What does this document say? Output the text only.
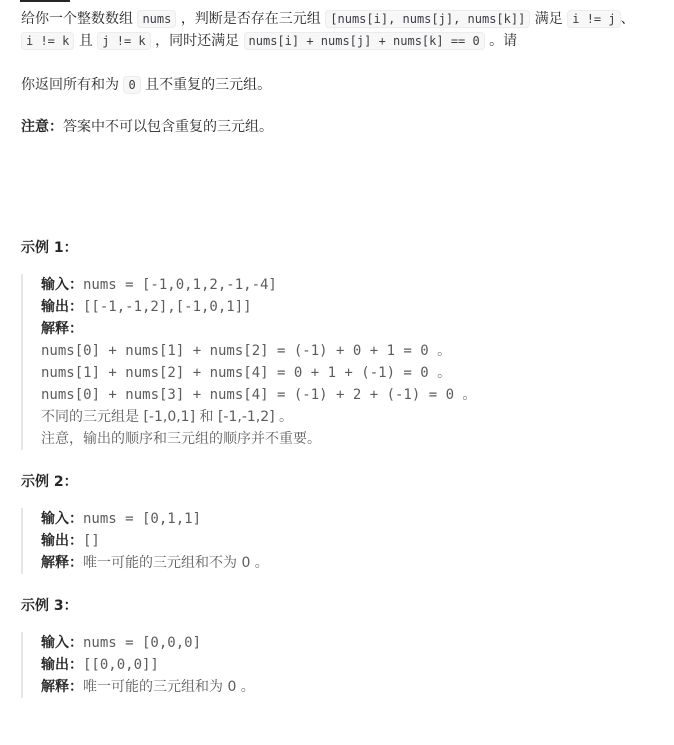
给你一个整数数组 nums ，判断是否存在三元组 [nums[i], nums[j], nums[k]] 满足 i != j 、 i != k 且 j != k ，同时还满足 nums[i] + nums[j] + nums[k] == 0 。请

你返回所有和为 0 且不重复的三元组。

注意：答案中不可以包含重复的三元组。

示例 1：
输入：nums = [-1,0,1,2,-1,-4]
输出：[[-1,-1,2],[-1,0,1]]
解释：
nums[0] + nums[1] + nums[2] = (-1) + 0 + 1 = 0 。
nums[1] + nums[2] + nums[4] = 0 + 1 + (-1) = 0 。
nums[0] + nums[3] + nums[4] = (-1) + 2 + (-1) = 0 。
不同的三元组是 [-1,0,1] 和 [-1,-1,2] 。
注意，输出的顺序和三元组的顺序并不重要。
示例 2：
输入：nums = [0,1,1]
输出：[]
解释：唯一可能的三元组和不为 0 。
示例 3：
输入：nums = [0,0,0]
输出：[[0,0,0]]
解释：唯一可能的三元组和为 0 。
